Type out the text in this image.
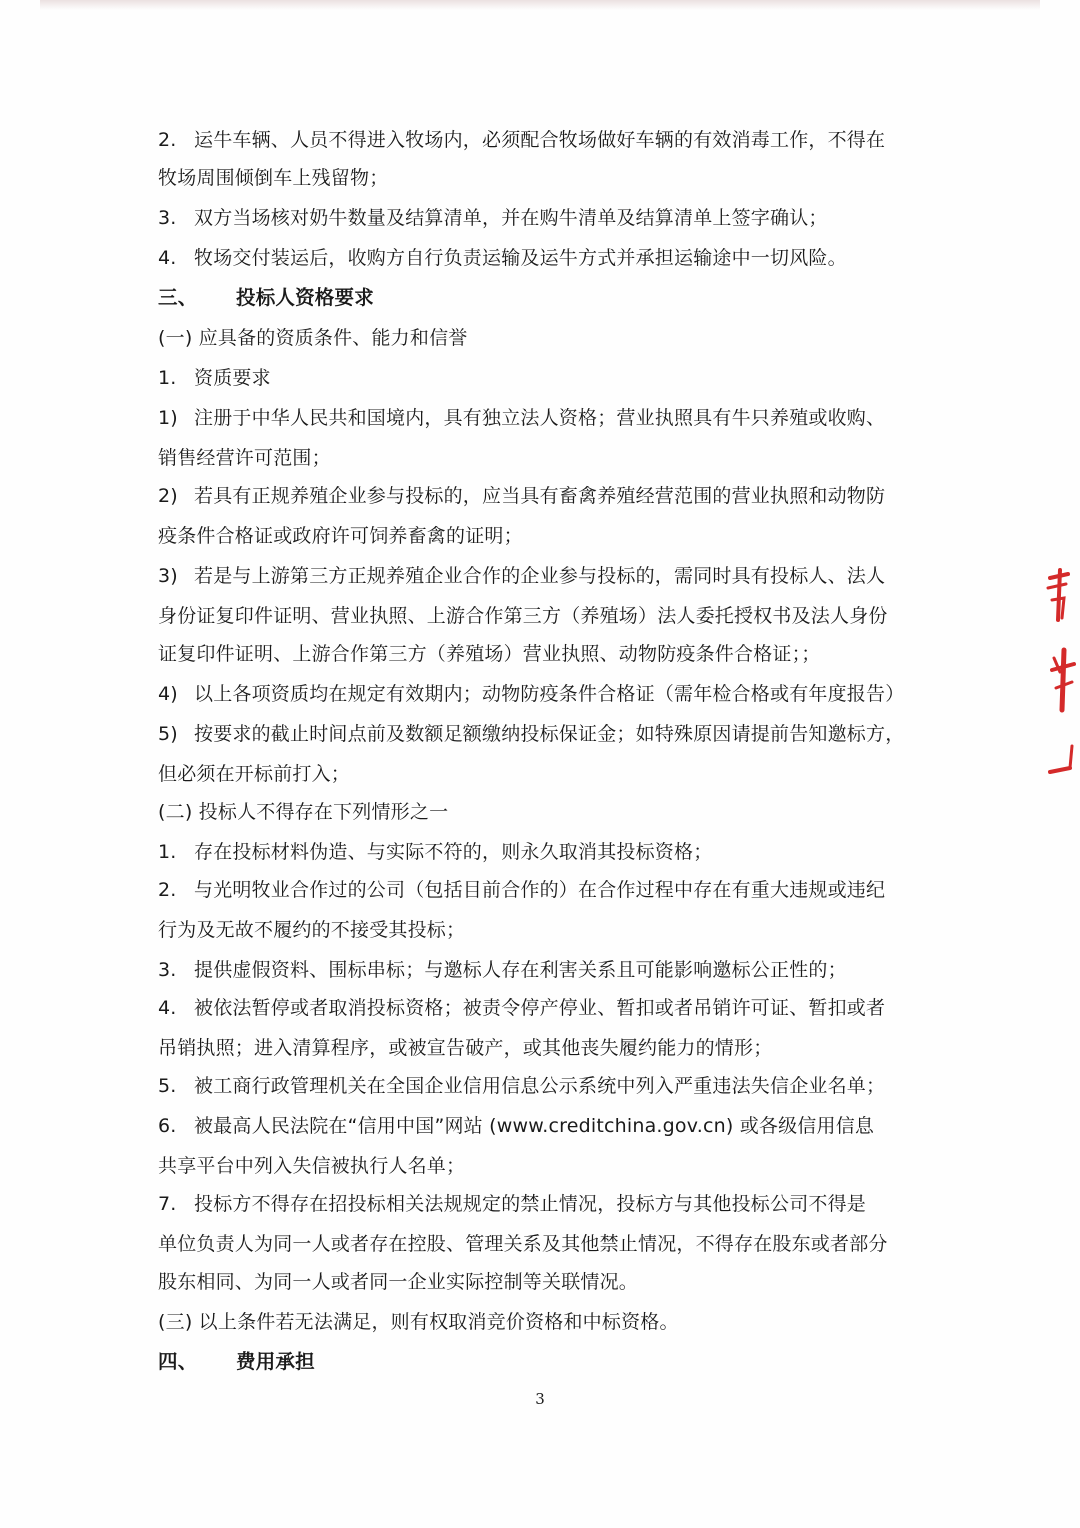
2. 运牛车辆、人员不得进入牧场内，必须配合牧场做好车辆的有效消毒工作，不得在
牧场周围倾倒车上残留物；
3. 双方当场核对奶牛数量及结算清单，并在购牛清单及结算清单上签字确认；
4. 牧场交付装运后，收购方自行负责运输及运牛方式并承担运输途中一切风险。
三、 投标人资格要求
(一) 应具备的资质条件、能力和信誉
1. 资质要求
1) 注册于中华人民共和国境内，具有独立法人资格；营业执照具有牛只养殖或收购、
销售经营许可范围；
2) 若具有正规养殖企业参与投标的，应当具有畜禽养殖经营范围的营业执照和动物防
疫条件合格证或政府许可饲养畜禽的证明；
3) 若是与上游第三方正规养殖企业合作的企业参与投标的，需同时具有投标人、法人
身份证复印件证明、营业执照、上游合作第三方（养殖场）法人委托授权书及法人身份
证复印件证明、上游合作第三方（养殖场）营业执照、动物防疫条件合格证；；
4) 以上各项资质均在规定有效期内；动物防疫条件合格证（需年检合格或有年度报告）
5) 按要求的截止时间点前及数额足额缴纳投标保证金；如特殊原因请提前告知邀标方，
但必须在开标前打入；
(二) 投标人不得存在下列情形之一
1. 存在投标材料伪造、与实际不符的，则永久取消其投标资格；
2. 与光明牧业合作过的公司（包括目前合作的）在合作过程中存在有重大违规或违纪
行为及无故不履约的不接受其投标；
3. 提供虚假资料、围标串标；与邀标人存在利害关系且可能影响邀标公正性的；
4. 被依法暂停或者取消投标资格；被责令停产停业、暂扣或者吊销许可证、暂扣或者
吊销执照；进入清算程序，或被宣告破产，或其他丧失履约能力的情形；
5. 被工商行政管理机关在全国企业信用信息公示系统中列入严重违法失信企业名单；
6. 被最高人民法院在“信用中国”网站 (www.creditchina.gov.cn) 或各级信用信息
共享平台中列入失信被执行人名单；
7. 投标方不得存在招投标相关法规规定的禁止情况，投标方与其他投标公司不得是
单位负责人为同一人或者存在控股、管理关系及其他禁止情况，不得存在股东或者部分
股东相同、为同一人或者同一企业实际控制等关联情况。
(三) 以上条件若无法满足，则有权取消竞价资格和中标资格。
四、 费用承担
3
